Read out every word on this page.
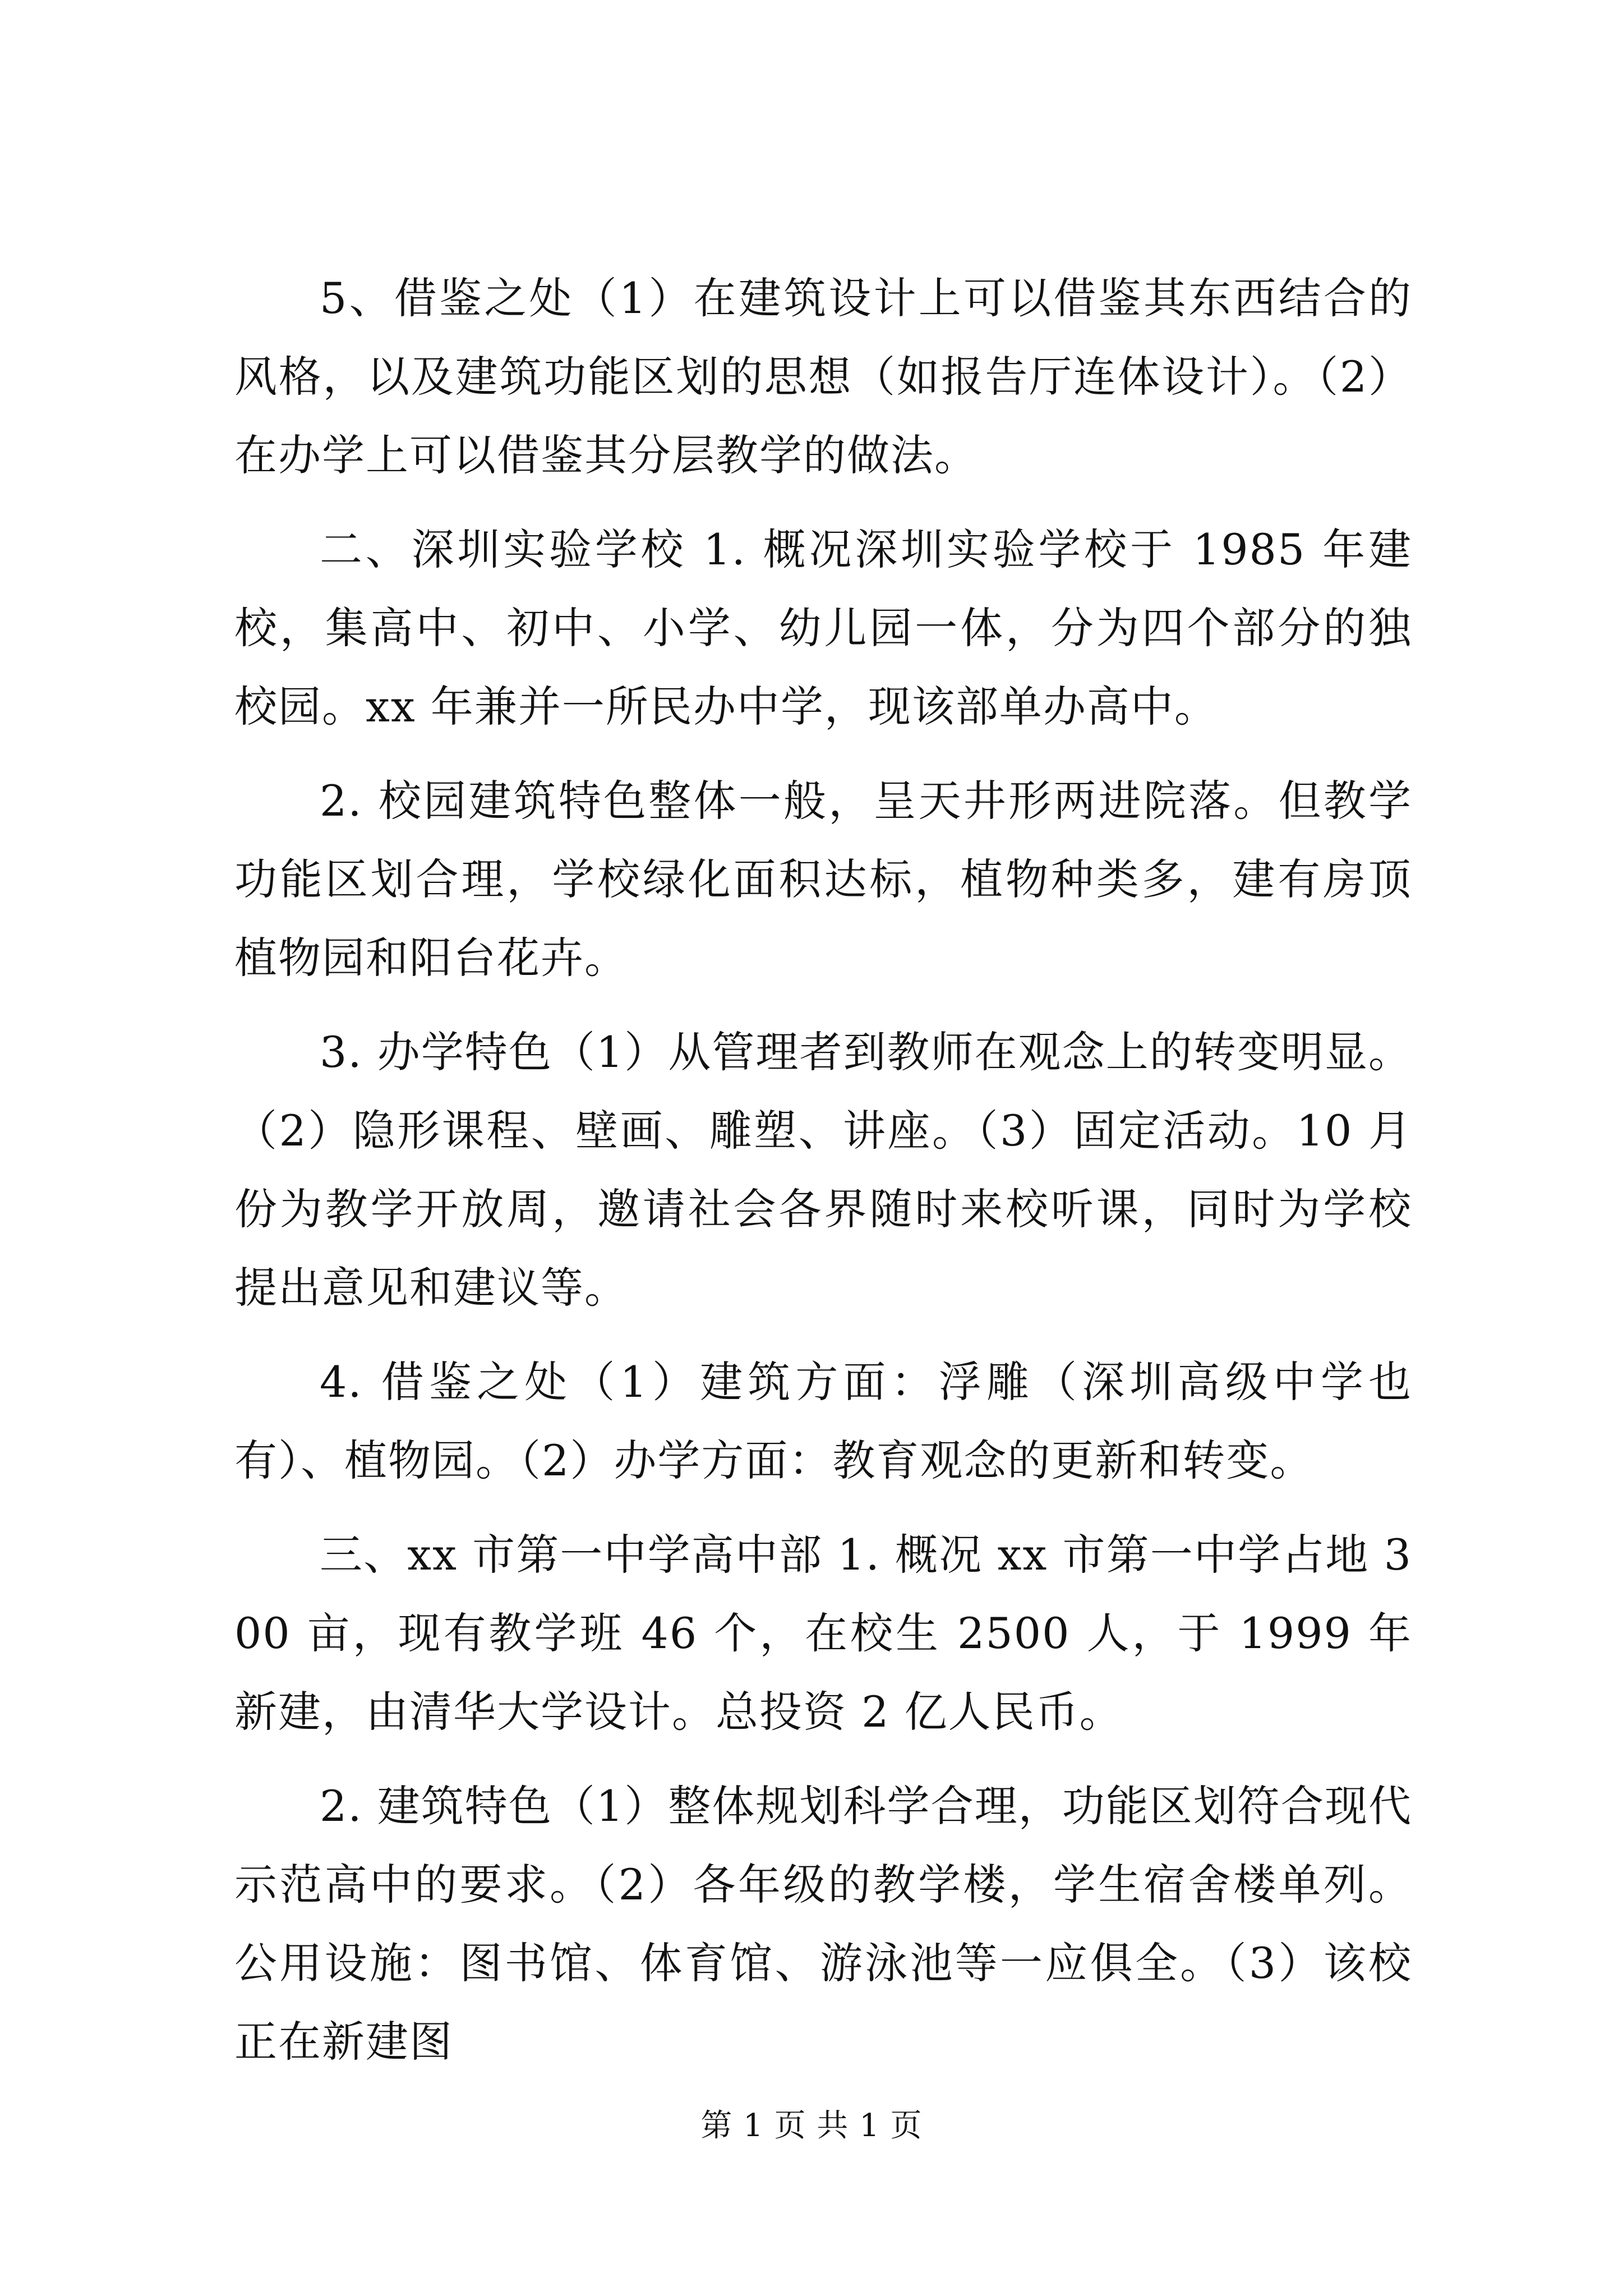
5、借鉴之处（1）在建筑设计上可以借鉴其东西结合的风格，以及建筑功能区划的思想（如报告厅连体设计）。（2）在办学上可以借鉴其分层教学的做法。

二、深圳实验学校 1. 概况深圳实验学校于 1985 年建校，集高中、初中、小学、幼儿园一体，分为四个部分的独校园。xx 年兼并一所民办中学，现该部单办高中。

2. 校园建筑特色整体一般，呈天井形两进院落。但教学功能区划合理，学校绿化面积达标，植物种类多，建有房顶植物园和阳台花卉。

3. 办学特色（1）从管理者到教师在观念上的转变明显。（2）隐形课程、壁画、雕塑、讲座。（3）固定活动。10 月份为教学开放周，邀请社会各界随时来校听课，同时为学校提出意见和建议等。

4. 借鉴之处（1）建筑方面：浮雕（深圳高级中学也有）、植物园。（2）办学方面：教育观念的更新和转变。

三、xx 市第一中学高中部 1. 概况 xx 市第一中学占地 300 亩，现有教学班 46 个，在校生 2500 人，于 1999 年新建，由清华大学设计。总投资 2 亿人民币。

2. 建筑特色（1）整体规划科学合理，功能区划符合现代示范高中的要求。（2）各年级的教学楼，学生宿舍楼单列。公用设施：图书馆、体育馆、游泳池等一应俱全。（3）该校正在新建图

第 1 页 共 1 页
